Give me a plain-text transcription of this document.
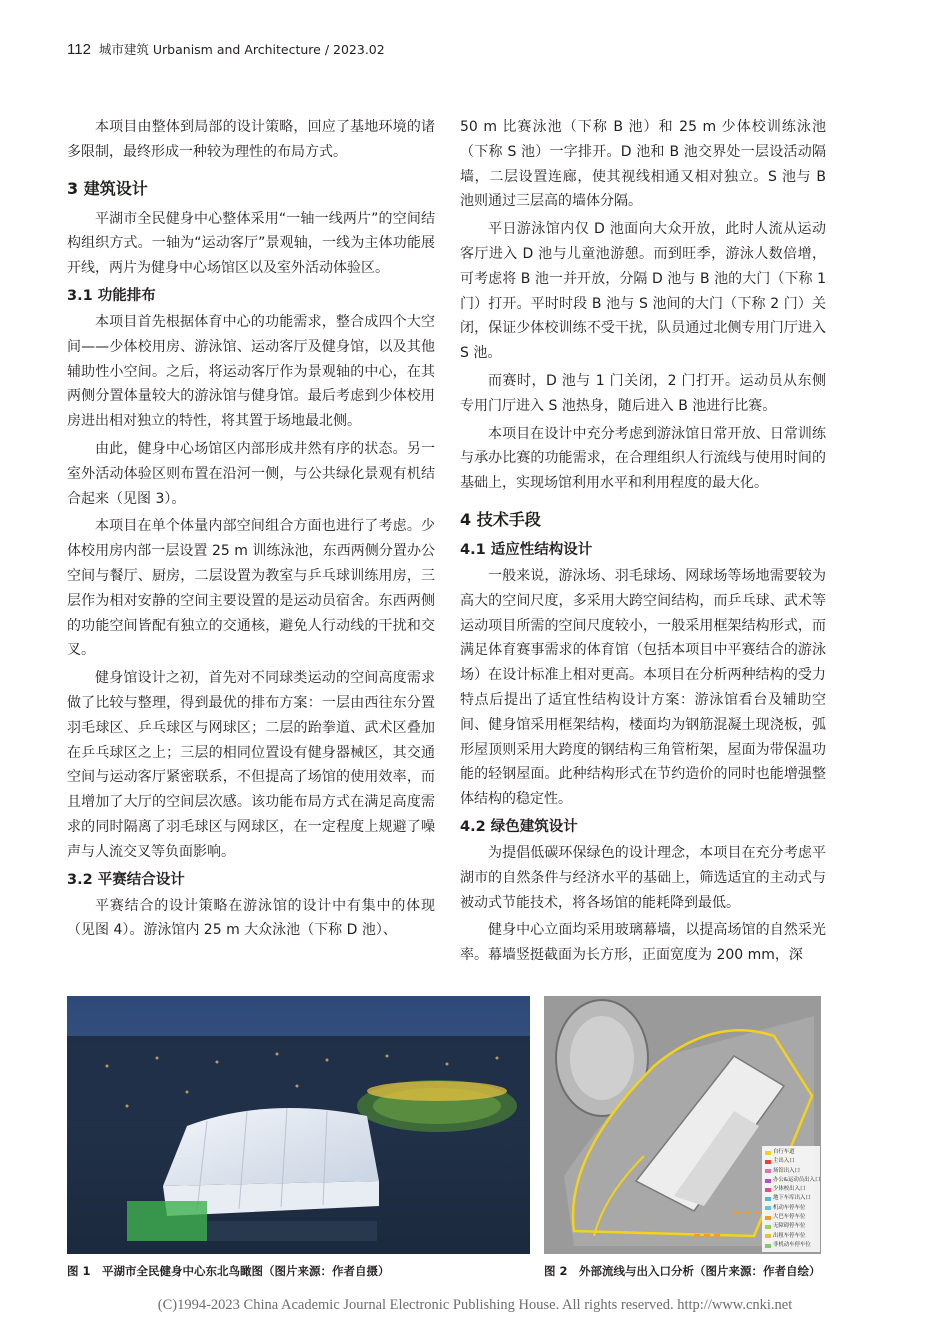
112 城市建筑 Urbanism and Architecture / 2023.02

本项目由整体到局部的设计策略，回应了基地环境的诸多限制，最终形成一种较为理性的布局方式。

3 建筑设计

平湖市全民健身中心整体采用“一轴一线两片”的空间结构组织方式。一轴为“运动客厅”景观轴，一线为主体功能展开线，两片为健身中心场馆区以及室外活动体验区。

3.1 功能排布

本项目首先根据体育中心的功能需求，整合成四个大空间——少体校用房、游泳馆、运动客厅及健身馆，以及其他辅助性小空间。之后，将运动客厅作为景观轴的中心，在其两侧分置体量较大的游泳馆与健身馆。最后考虑到少体校用房进出相对独立的特性，将其置于场地最北侧。

由此，健身中心场馆区内部形成井然有序的状态。另一室外活动体验区则布置在沿河一侧，与公共绿化景观有机结合起来（见图 3）。

本项目在单个体量内部空间组合方面也进行了考虑。少体校用房内部一层设置 25 m 训练泳池，东西两侧分置办公空间与餐厅、厨房，二层设置为教室与乒乓球训练用房，三层作为相对安静的空间主要设置的是运动员宿舍。东西两侧的功能空间皆配有独立的交通核，避免人行动线的干扰和交叉。

健身馆设计之初，首先对不同球类运动的空间高度需求做了比较与整理，得到最优的排布方案：一层由西往东分置羽毛球区、乒乓球区与网球区；二层的跆拳道、武术区叠加在乒乓球区之上；三层的相同位置设有健身器械区，其交通空间与运动客厅紧密联系，不但提高了场馆的使用效率，而且增加了大厅的空间层次感。该功能布局方式在满足高度需求的同时隔离了羽毛球区与网球区，在一定程度上规避了噪声与人流交叉等负面影响。

3.2 平赛结合设计

平赛结合的设计策略在游泳馆的设计中有集中的体现（见图 4）。游泳馆内 25 m 大众泳池（下称 D 池）、

50 m 比赛泳池（下称 B 池）和 25 m 少体校训练泳池（下称 S 池）一字排开。D 池和 B 池交界处一层设活动隔墙，二层设置连廊，使其视线相通又相对独立。S 池与 B 池则通过三层高的墙体分隔。

平日游泳馆内仅 D 池面向大众开放，此时人流从运动客厅进入 D 池与儿童池游憩。而到旺季，游泳人数倍增，可考虑将 B 池一并开放，分隔 D 池与 B 池的大门（下称 1 门）打开。平时时段 B 池与 S 池间的大门（下称 2 门）关闭，保证少体校训练不受干扰，队员通过北侧专用门厅进入 S 池。

而赛时，D 池与 1 门关闭，2 门打开。运动员从东侧专用门厅进入 S 池热身，随后进入 B 池进行比赛。

本项目在设计中充分考虑到游泳馆日常开放、日常训练与承办比赛的功能需求，在合理组织人行流线与使用时间的基础上，实现场馆利用水平和利用程度的最大化。

4 技术手段
4.1 适应性结构设计

一般来说，游泳场、羽毛球场、网球场等场地需要较为高大的空间尺度，多采用大跨空间结构，而乒乓球、武术等运动项目所需的空间尺度较小，一般采用框架结构形式，而满足体育赛事需求的体育馆（包括本项目中平赛结合的游泳场）在设计标准上相对更高。本项目在分析两种结构的受力特点后提出了适宜性结构设计方案：游泳馆看台及辅助空间、健身馆采用框架结构，楼面均为钢筋混凝土现浇板，弧形屋顶则采用大跨度的钢结构三角管桁架，屋面为带保温功能的轻钢屋面。此种结构形式在节约造价的同时也能增强整体结构的稳定性。

4.2 绿色建筑设计

为提倡低碳环保绿色的设计理念，本项目在充分考虑平湖市的自然条件与经济水平的基础上，筛选适宜的主动式与被动式节能技术，将各场馆的能耗降到最低。

健身中心立面均采用玻璃幕墙，以提高场馆的自然采光率。幕墙竖挺截面为长方形，正面宽度为 200 mm，深

自行车道
主出入口
场馆出入口
办公&运动员出入口
少体校出入口
地下车库出入口
机动车停车位
大巴车停车位
无障碍停车位
出租车停车位
非机动车停车位
图 1　平湖市全民健身中心东北鸟瞰图（图片来源：作者自摄）	图 2　外部流线与出入口分析（图片来源：作者自绘）
(C)1994-2023 China Academic Journal Electronic Publishing House. All rights reserved. http://www.cnki.net
